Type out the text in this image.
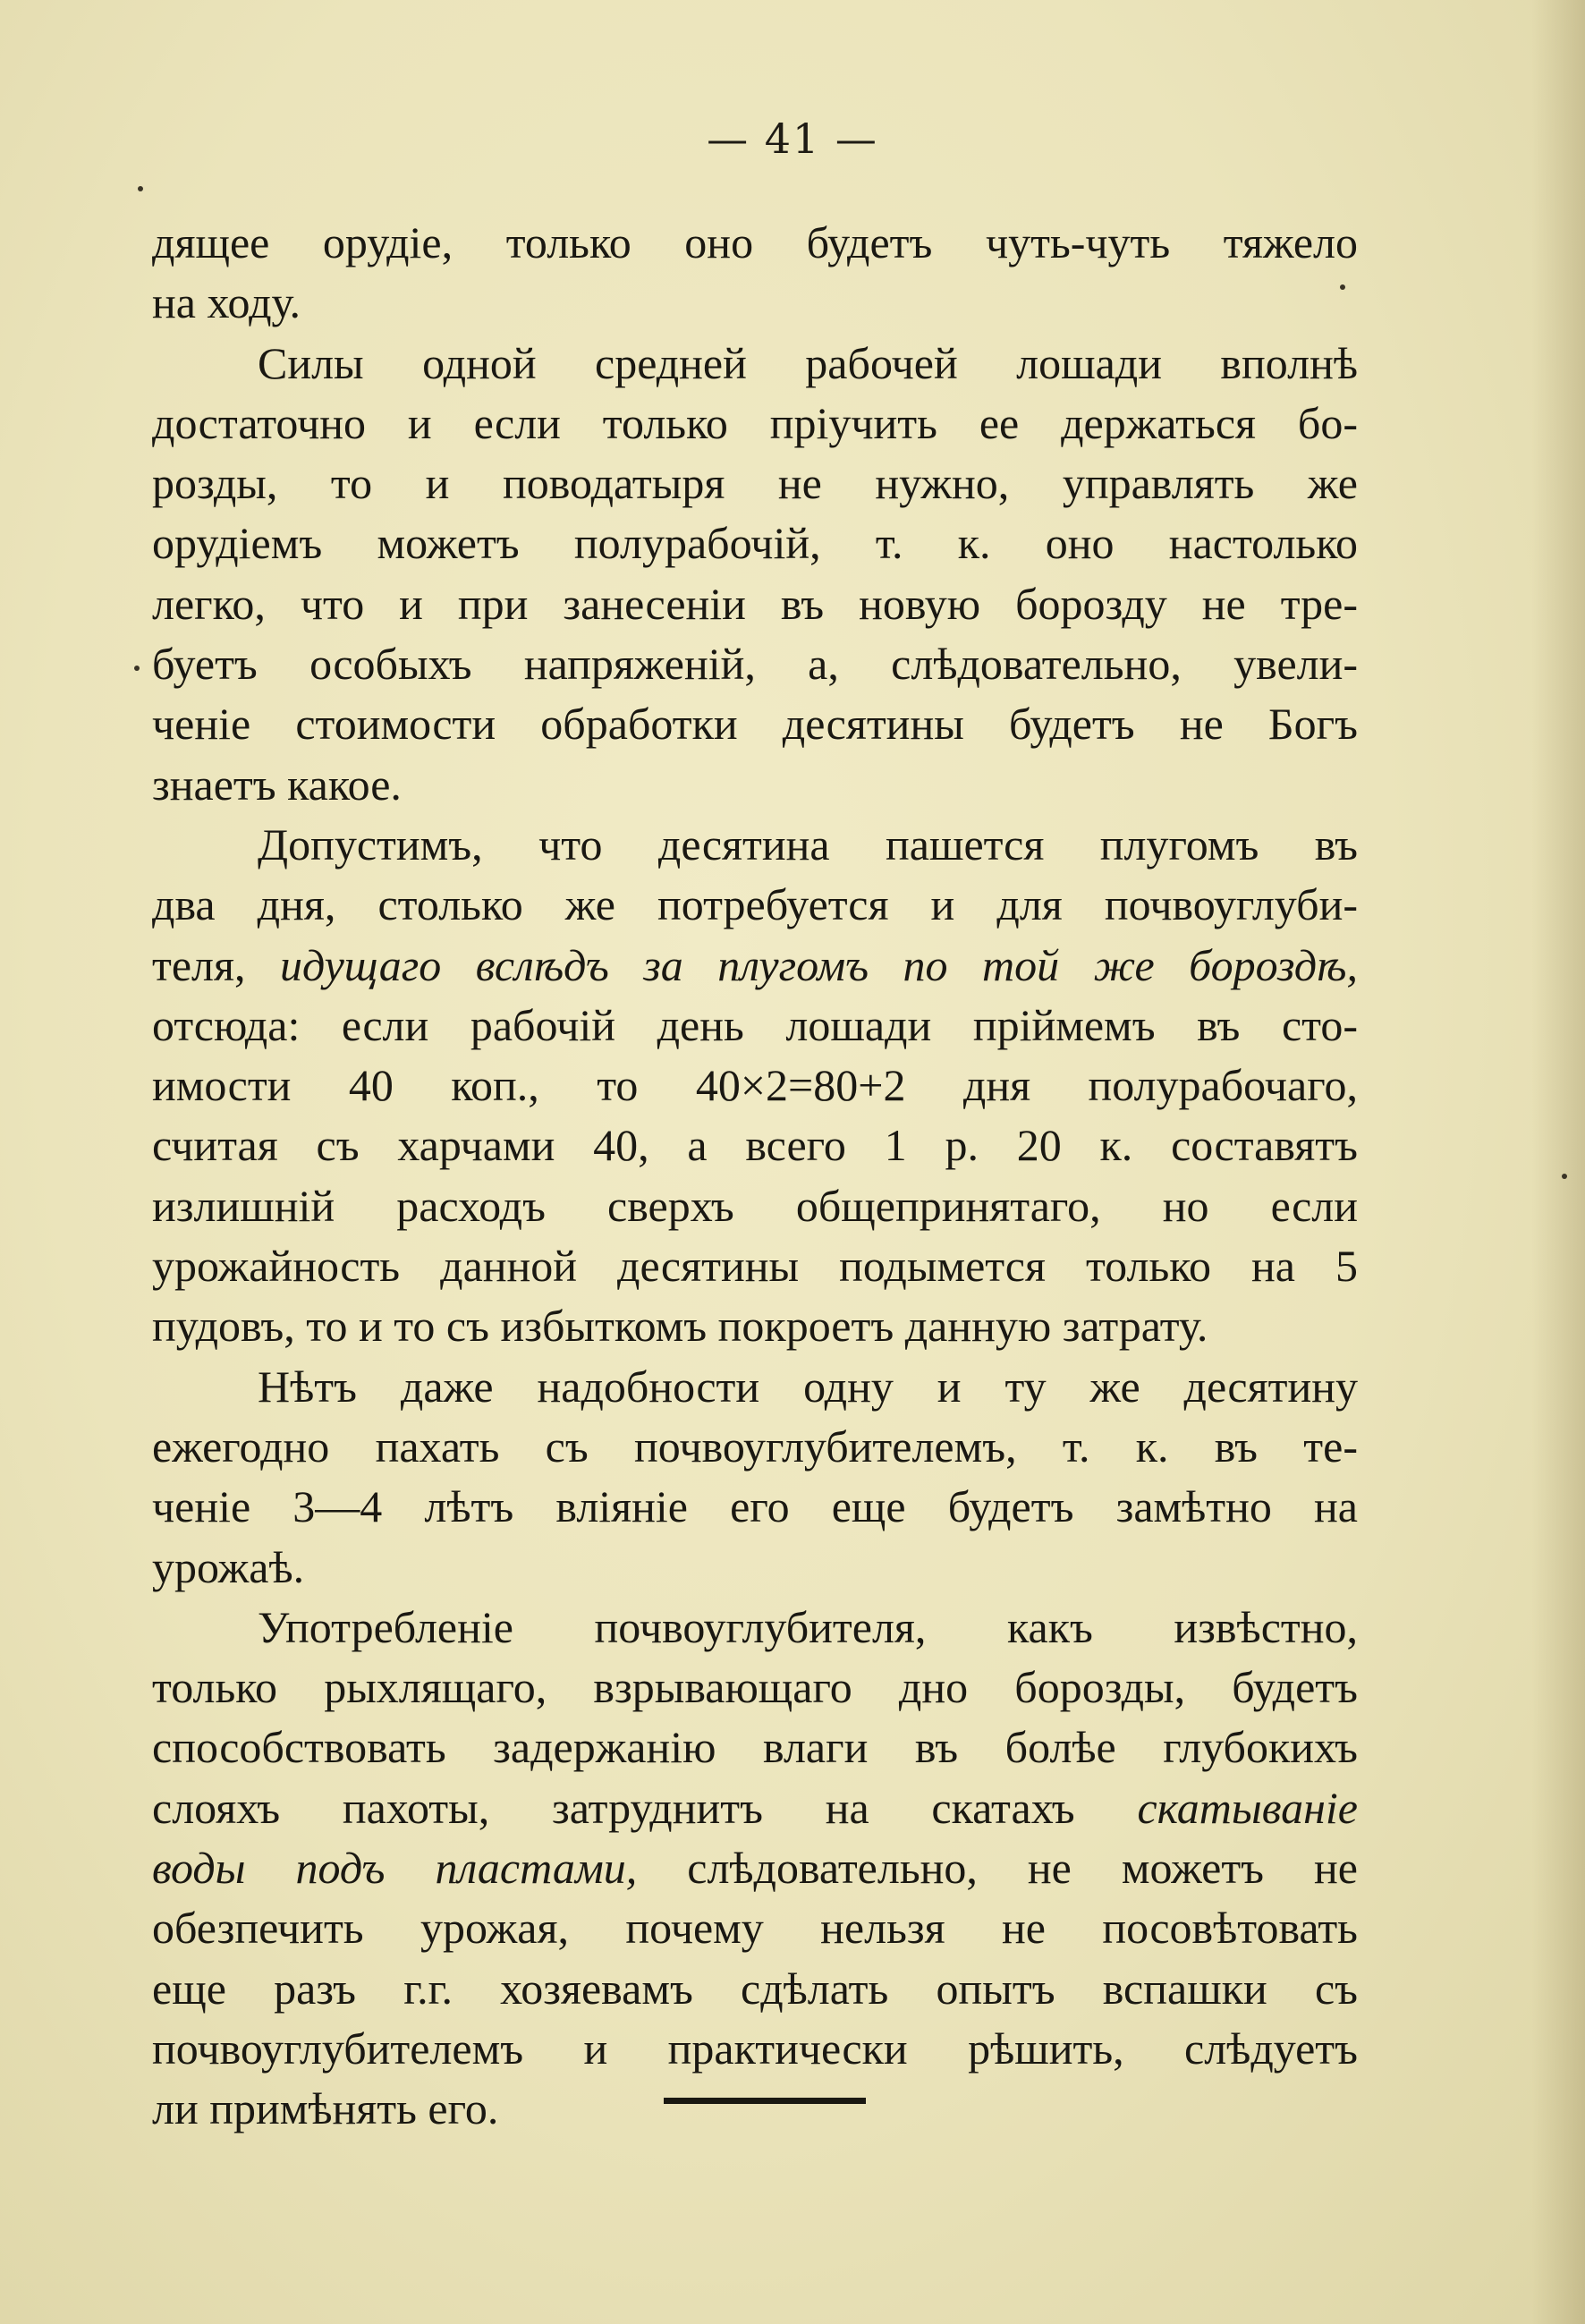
— 41 —
дящее орудіе, только оно будетъ чуть-чуть тяжело
на ходу.
Силы одной средней рабочей лошади вполнѣ
достаточно и если только пріучить ее держаться бо-
розды, то и поводатыря не нужно, управлять же
орудіемъ можетъ полурабочій, т. к. оно настолько
легко, что и при занесеніи въ новую борозду не тре-
буетъ особыхъ напряженій, а, слѣдовательно, увели-
ченіе стоимости обработки десятины будетъ не Богъ
знаетъ какое.
Допустимъ, что десятина пашется плугомъ въ
два дня, столько же потребуется и для почвоуглуби-
теля, идущаго вслѣдъ за плугомъ по той же бороздѣ,
отсюда: если рабочій день лошади пріймемъ въ сто-
имости 40 коп., то 40×2=80+2 дня полурабочаго,
считая съ харчами 40, а всего 1 р. 20 к. составятъ
излишній расходъ сверхъ общепринятаго, но если
урожайность данной десятины подымется только на 5
пудовъ, то и то съ избыткомъ покроетъ данную затрату.
Нѣтъ даже надобности одну и ту же десятину
ежегодно пахать съ почвоуглубителемъ, т. к. въ те-
ченіе 3—4 лѣтъ вліяніе его еще будетъ замѣтно на
урожаѣ.
Употребленіе почвоуглубителя, какъ извѣстно,
только рыхлящаго, взрывающаго дно борозды, будетъ
способствовать задержанію влаги въ болѣе глубокихъ
слояхъ пахоты, затруднитъ на скатахъ скатываніе
воды подъ пластами, слѣдовательно, не можетъ не
обезпечить урожая, почему нельзя не посовѣтовать
еще разъ г.г. хозяевамъ сдѣлать опытъ вспашки съ
почвоуглубителемъ и практически рѣшить, слѣдуетъ
ли примѣнять его.
